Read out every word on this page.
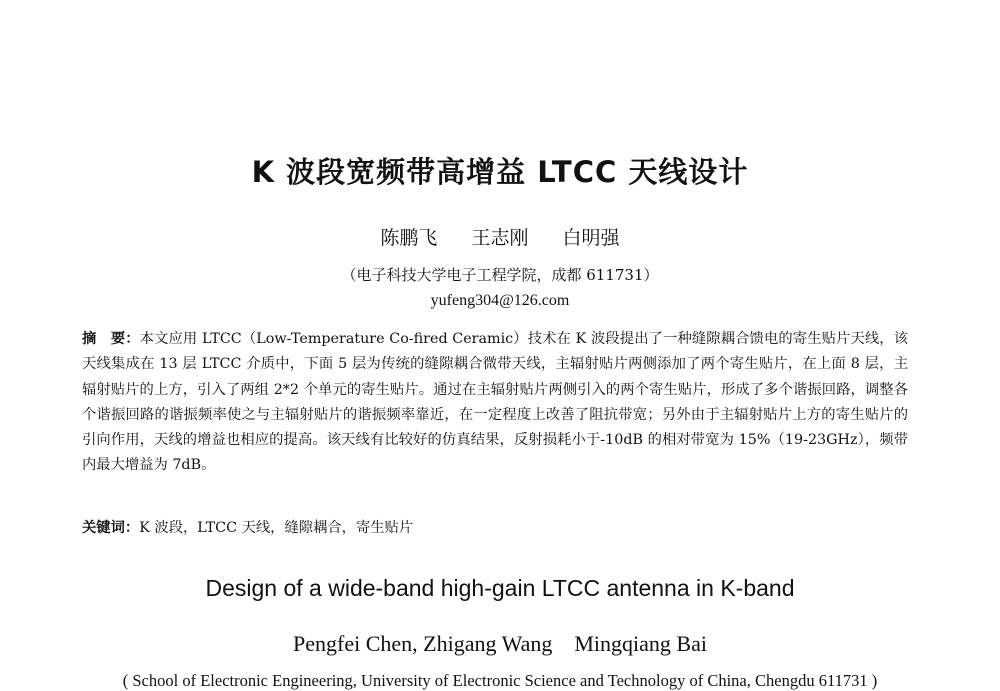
K 波段宽频带高增益 LTCC 天线设计
陈鹏飞 王志刚 白明强
（电子科技大学电子工程学院，成都 611731）
yufeng304@126.com
摘　要：本文应用 LTCC（Low-Temperature Co-fired Ceramic）技术在 K 波段提出了一种缝隙耦合馈电的寄生贴片天线，该天线集成在 13 层 LTCC 介质中，下面 5 层为传统的缝隙耦合微带天线，主辐射贴片两侧添加了两个寄生贴片，在上面 8 层，主辐射贴片的上方，引入了两组 2*2 个单元的寄生贴片。通过在主辐射贴片两侧引入的两个寄生贴片，形成了多个谐振回路，调整各个谐振回路的谐振频率使之与主辐射贴片的谐振频率靠近，在一定程度上改善了阻抗带宽；另外由于主辐射贴片上方的寄生贴片的引向作用，天线的增益也相应的提高。该天线有比较好的仿真结果，反射损耗小于-10dB 的相对带宽为 15%（19-23GHz），频带内最大增益为 7dB。
关键词：K 波段，LTCC 天线，缝隙耦合，寄生贴片
Design of a wide-band high-gain LTCC antenna in K-band
Pengfei Chen, Zhigang Wang    Mingqiang Bai
( School of Electronic Engineering, University of Electronic Science and Technology of China, Chengdu 611731 )
